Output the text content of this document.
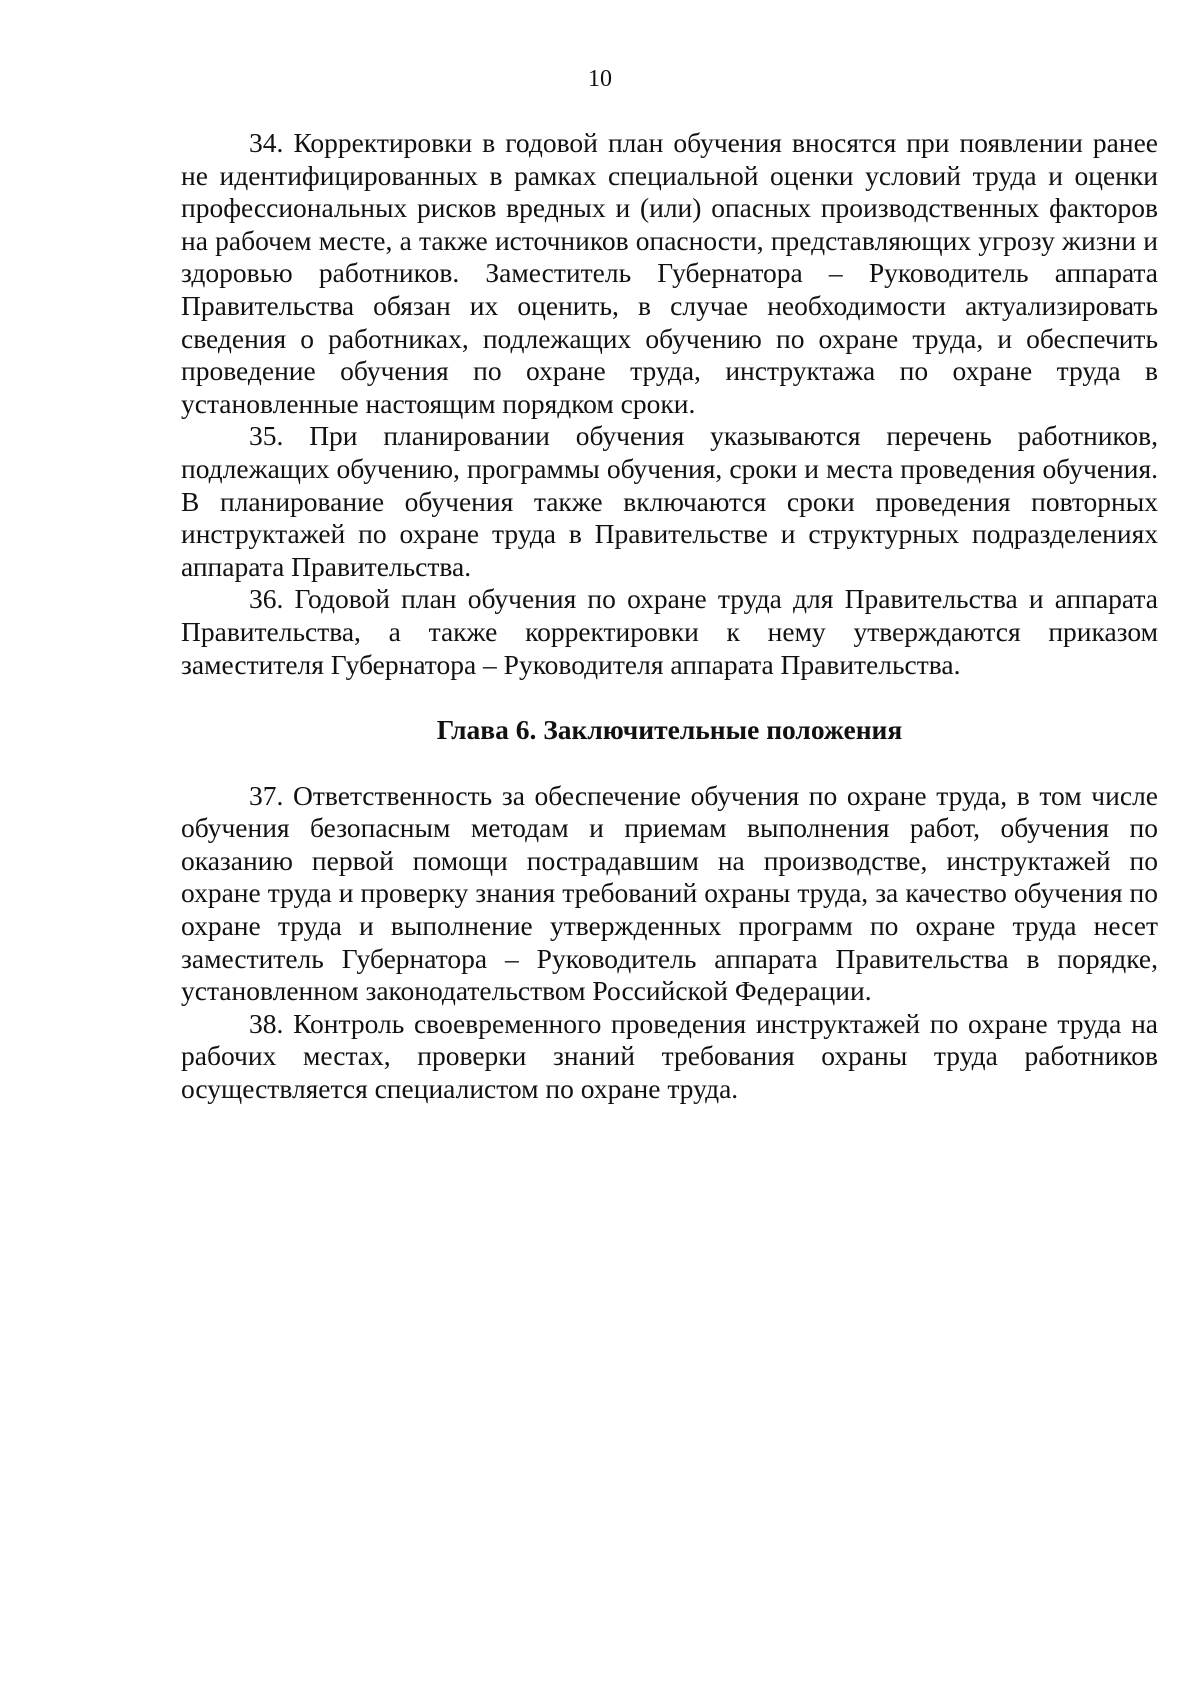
10

34. Корректировки в годовой план обучения вносятся при появлении ранее не идентифицированных в рамках специальной оценки условий труда и оценки профессиональных рисков вредных и (или) опасных производственных факторов на рабочем месте, а также источников опасности, представляющих угрозу жизни и здоровью работников. Заместитель Губернатора – Руководитель аппарата Правительства обязан их оценить, в случае необходимости актуализировать сведения о работниках, подлежащих обучению по охране труда, и обеспечить проведение обучения по охране труда, инструктажа по охране труда в установленные настоящим порядком сроки.

35. При планировании обучения указываются перечень работников, подлежащих обучению, программы обучения, сроки и места проведения обучения. В планирование обучения также включаются сроки проведения повторных инструктажей по охране труда в Правительстве и структурных подразделениях аппарата Правительства.

36. Годовой план обучения по охране труда для Правительства и аппарата Правительства, а также корректировки к нему утверждаются приказом заместителя Губернатора – Руководителя аппарата Правительства.

Глава 6. Заключительные положения

37. Ответственность за обеспечение обучения по охране труда, в том числе обучения безопасным методам и приемам выполнения работ, обучения по оказанию первой помощи пострадавшим на производстве, инструктажей по охране труда и проверку знания требований охраны труда, за качество обучения по охране труда и выполнение утвержденных программ по охране труда несет заместитель Губернатора – Руководитель аппарата Правительства в порядке, установленном законодательством Российской Федерации.

38. Контроль своевременного проведения инструктажей по охране труда на рабочих местах, проверки знаний требования охраны труда работников осуществляется специалистом по охране труда.
